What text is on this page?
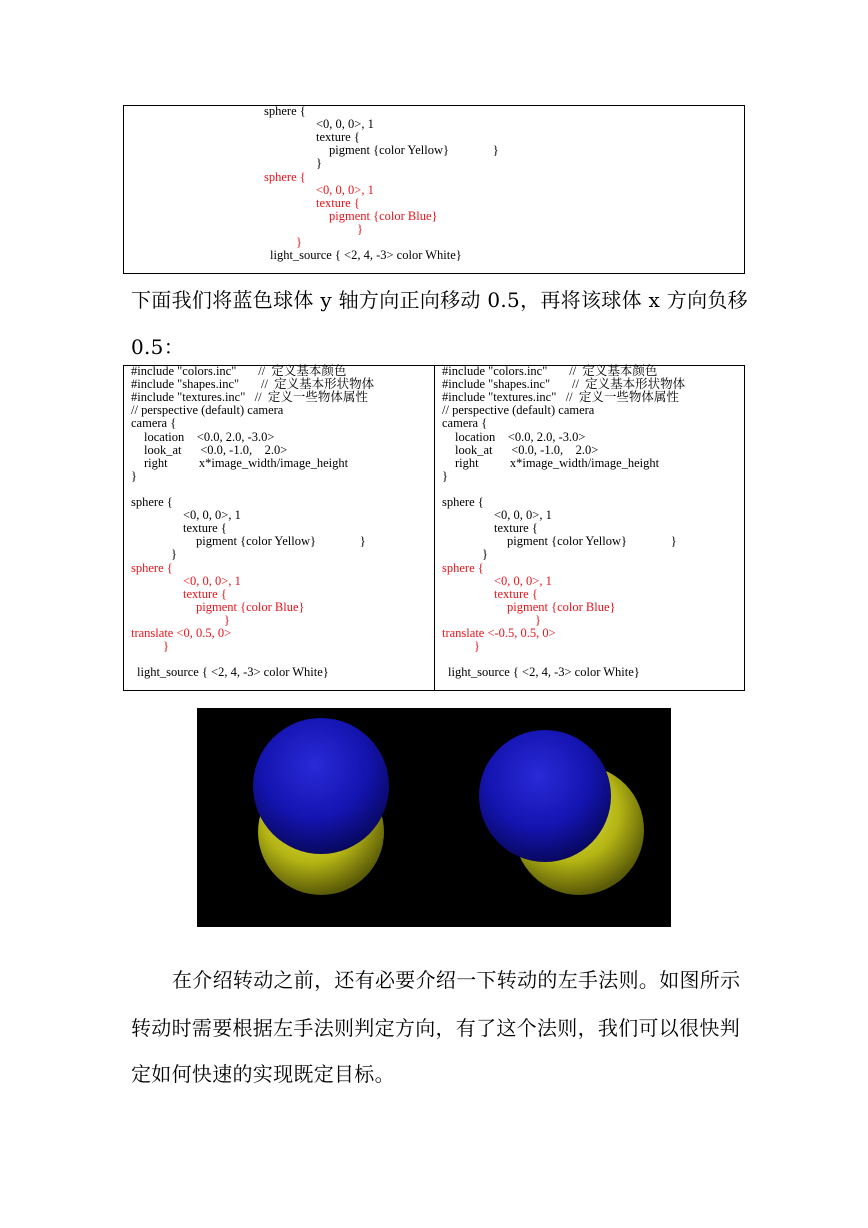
sphere {
<0, 0, 0>, 1
texture {
pigment {color Yellow}              }
}
sphere {
<0, 0, 0>, 1
texture {
pigment {color Blue}
}
}
light_source { <2, 4, -3> color White}
下面我们将蓝色球体 y 轴方向正向移动 0.5，再将该球体 x 方向负移
0.5：
#include "colors.inc"       //  定义基本颜色
#include "shapes.inc"       //  定义基本形状物体
#include "textures.inc"   //  定义一些物体属性
// perspective (default) camera
camera {
location    <0.0, 2.0, -3.0>
look_at      <0.0, -1.0,    2.0>
right          x*image_width/image_height
}
sphere {
<0, 0, 0>, 1
texture {
pigment {color Yellow}              }
}
sphere {
<0, 0, 0>, 1
texture {
pigment {color Blue}
}
translate <0, 0.5, 0>
}
light_source { <2, 4, -3> color White}
#include "colors.inc"       //  定义基本颜色
#include "shapes.inc"       //  定义基本形状物体
#include "textures.inc"   //  定义一些物体属性
// perspective (default) camera
camera {
location    <0.0, 2.0, -3.0>
look_at      <0.0, -1.0,    2.0>
right          x*image_width/image_height
}
sphere {
<0, 0, 0>, 1
texture {
pigment {color Yellow}              }
}
sphere {
<0, 0, 0>, 1
texture {
pigment {color Blue}
}
translate <-0.5, 0.5, 0>
}
light_source { <2, 4, -3> color White}
在介绍转动之前，还有必要介绍一下转动的左手法则。如图所示
转动时需要根据左手法则判定方向，有了这个法则，我们可以很快判
定如何快速的实现既定目标。
